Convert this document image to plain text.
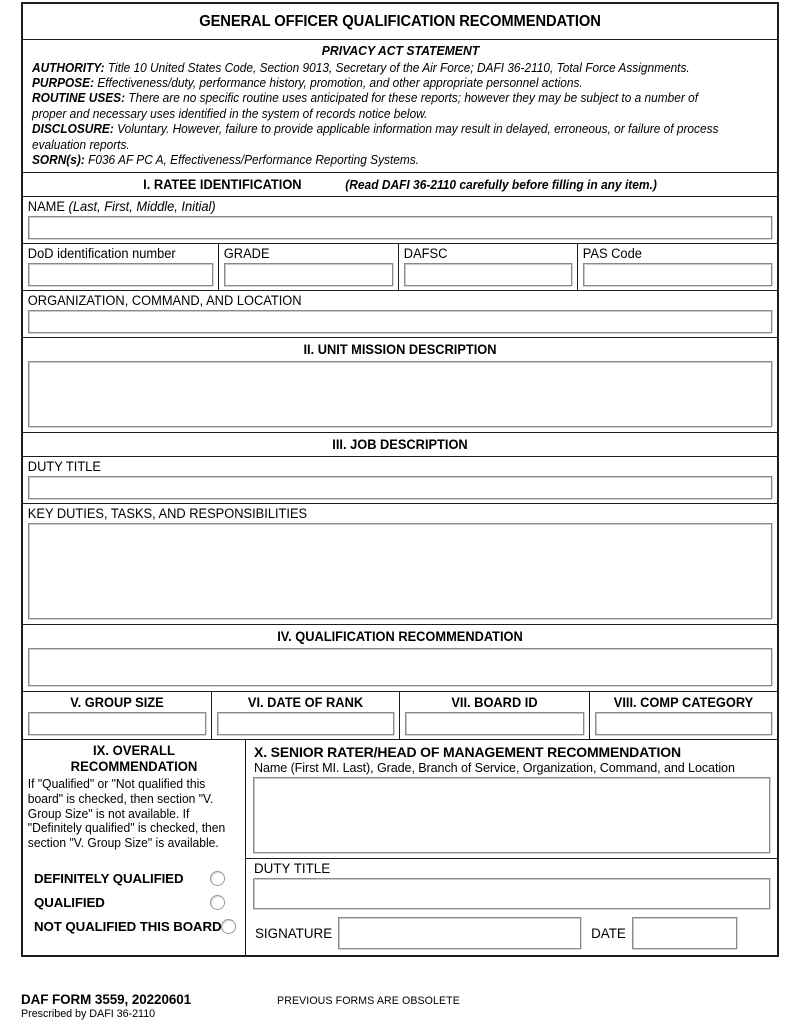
GENERAL OFFICER QUALIFICATION RECOMMENDATION
PRIVACY ACT STATEMENT
AUTHORITY: Title 10 United States Code, Section 9013, Secretary of the Air Force; DAFI 36-2110, Total Force Assignments.
PURPOSE: Effectiveness/duty, performance history, promotion, and other appropriate personnel actions.
ROUTINE USES: There are no specific routine uses anticipated for these reports; however they may be subject to a number of proper and necessary uses identified in the system of records notice below.
DISCLOSURE: Voluntary. However, failure to provide applicable information may result in delayed, erroneous, or failure of process evaluation reports.
SORN(s): F036 AF PC A, Effectiveness/Performance Reporting Systems.
I. RATEE IDENTIFICATION	(Read DAFI 36-2110 carefully before filling in any item.)
NAME (Last, First, Middle, Initial)
DoD identification number	GRADE	DAFSC	PAS Code
ORGANIZATION, COMMAND, AND LOCATION
II. UNIT MISSION DESCRIPTION
III. JOB DESCRIPTION
DUTY TITLE
KEY DUTIES, TASKS, AND RESPONSIBILITIES
IV. QUALIFICATION RECOMMENDATION
V. GROUP SIZE	VI. DATE OF RANK	VII. BOARD ID	VIII. COMP CATEGORY
IX. OVERALL
RECOMMENDATION
If "Qualified" or "Not qualified this board" is checked, then section "V. Group Size" is not available. If "Definitely qualified" is checked, then section "V. Group Size" is available.
DEFINITELY QUALIFIED
QUALIFIED
NOT QUALIFIED THIS BOARD
X. SENIOR RATER/HEAD OF MANAGEMENT RECOMMENDATION
Name (First MI. Last), Grade, Branch of Service, Organization, Command, and Location
DUTY TITLE
SIGNATURE	DATE
DAF FORM 3559, 20220601	PREVIOUS FORMS ARE OBSOLETE
Prescribed by DAFI 36-2110
